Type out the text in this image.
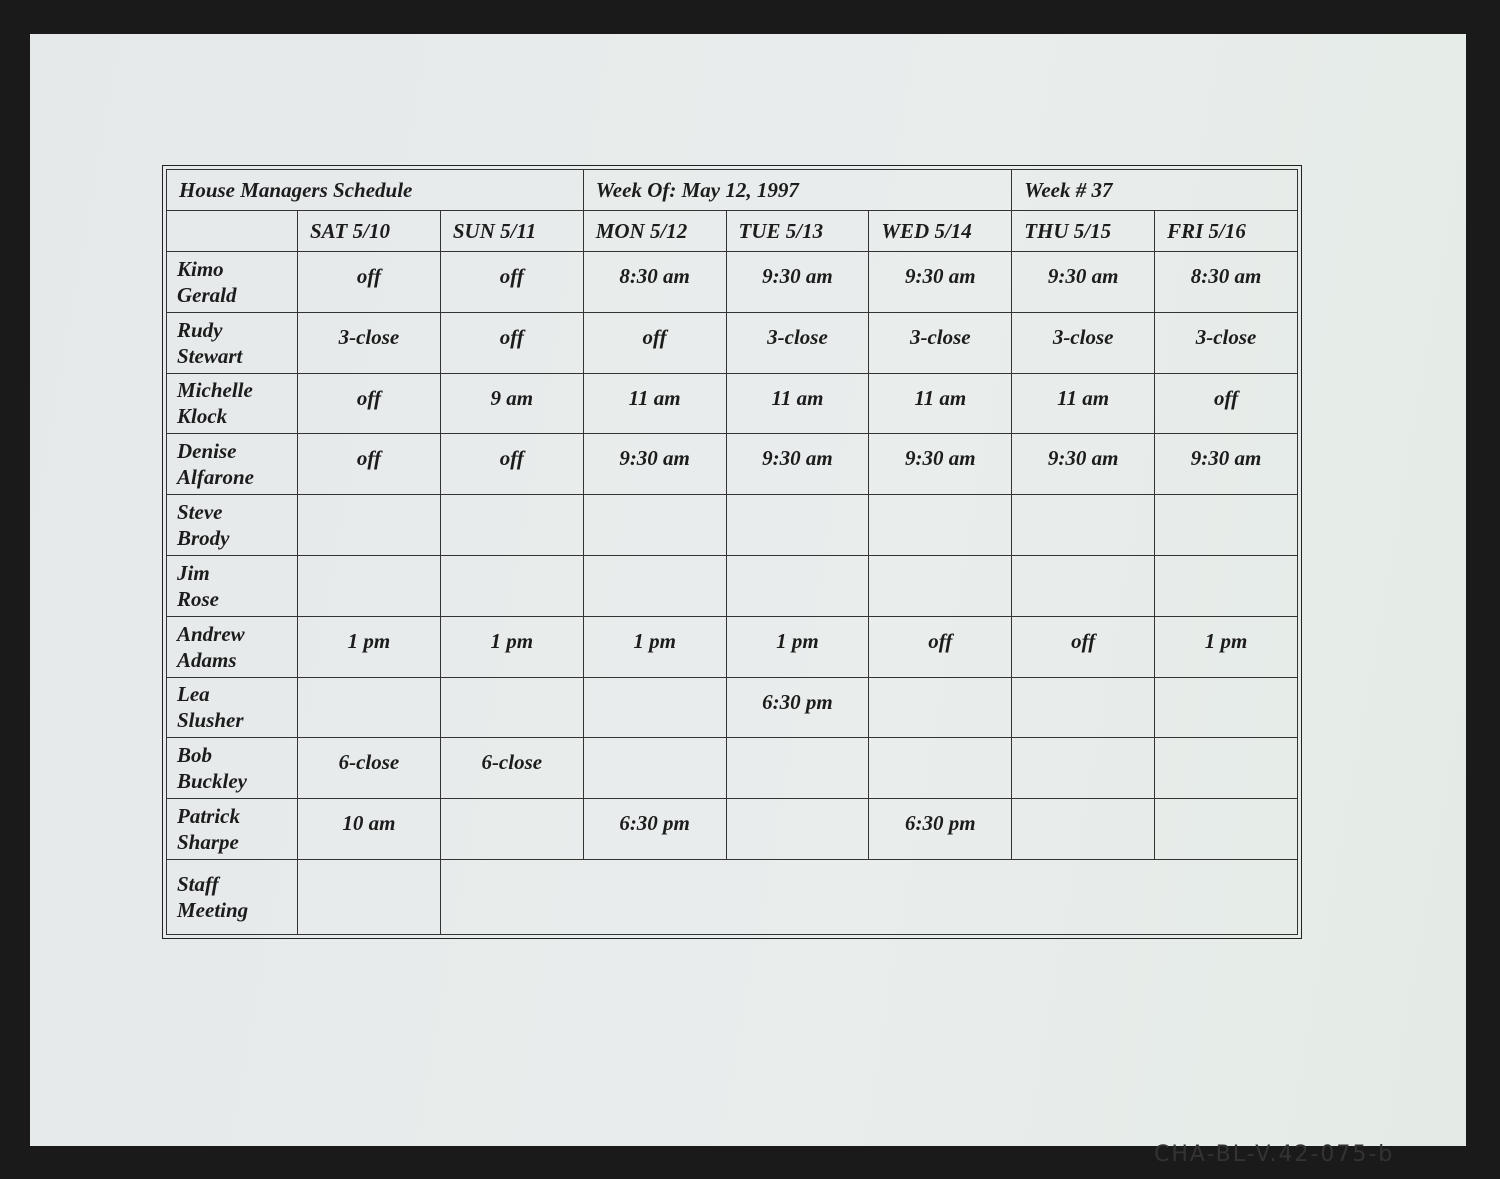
House Managers Schedule			Week Of: May 12, 1997			Week # 37	
	SAT 5/10	SUN 5/11	MON 5/12	TUE 5/13	WED 5/14	THU 5/15	FRI 5/16

Kimo
Gerald	off	off	8:30 am	9:30 am	9:30 am	9:30 am	8:30 am

Rudy
Stewart	3-close	off	off	3-close	3-close	3-close	3-close

Michelle
Klock	off	9 am	11 am	11 am	11 am	11 am	off

Denise
Alfarone	off	off	9:30 am	9:30 am	9:30 am	9:30 am	9:30 am

Steve
Brody							

Jim
Rose							

Andrew
Adams	1 pm	1 pm	1 pm	1 pm	off	off	1 pm

Lea
Slusher				6:30 pm			

Bob
Buckley	6-close	6-close					

Patrick
Sharpe	10 am		6:30 pm		6:30 pm		

Staff
Meeting							

CHA-BL-V.42-075-b
